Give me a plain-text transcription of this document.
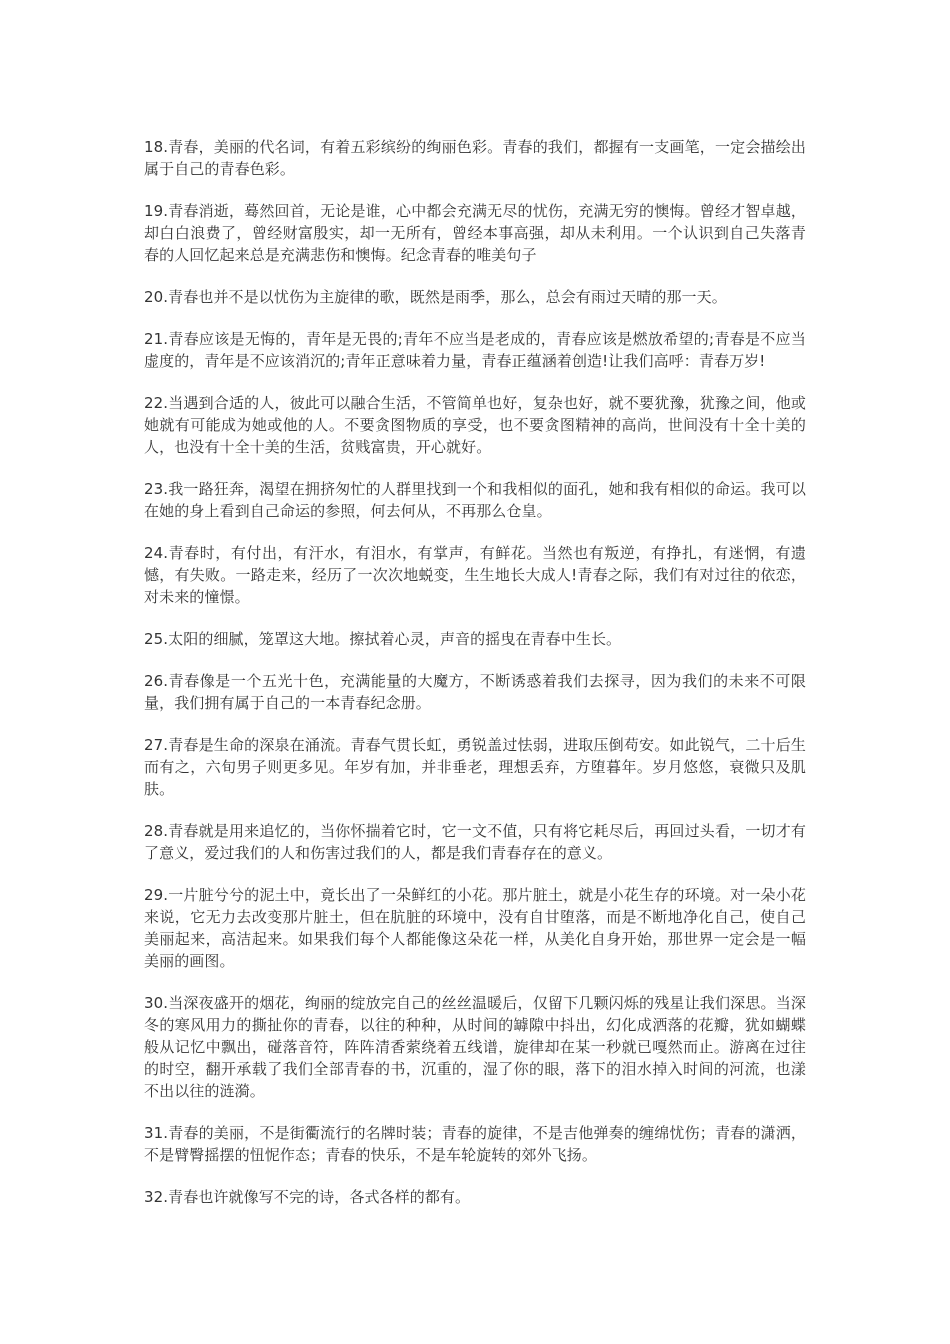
18.青春，美丽的代名词，有着五彩缤纷的绚丽色彩。青春的我们，都握有一支画笔，一定会描绘出属于自己的青春色彩。

19.青春消逝，蓦然回首，无论是谁，心中都会充满无尽的忧伤，充满无穷的懊悔。曾经才智卓越，却白白浪费了，曾经财富殷实，却一无所有，曾经本事高强，却从未利用。一个认识到自己失落青春的人回忆起来总是充满悲伤和懊悔。纪念青春的唯美句子

20.青春也并不是以忧伤为主旋律的歌，既然是雨季，那么，总会有雨过天晴的那一天。

21.青春应该是无悔的，青年是无畏的;青年不应当是老成的，青春应该是燃放希望的;青春是不应当虚度的，青年是不应该消沉的;青年正意味着力量，青春正蕴涵着创造!让我们高呼：青春万岁!

22.当遇到合适的人，彼此可以融合生活，不管简单也好，复杂也好，就不要犹豫，犹豫之间，他或她就有可能成为她或他的人。不要贪图物质的享受，也不要贪图精神的高尚，世间没有十全十美的人，也没有十全十美的生活，贫贱富贵，开心就好。

23.我一路狂奔，渴望在拥挤匆忙的人群里找到一个和我相似的面孔，她和我有相似的命运。我可以在她的身上看到自己命运的参照，何去何从，不再那么仓皇。

24.青春时，有付出，有汗水，有泪水，有掌声，有鲜花。当然也有叛逆，有挣扎，有迷惘，有遗憾，有失败。一路走来，经历了一次次地蜕变，生生地长大成人!青春之际，我们有对过往的依恋，对未来的憧憬。

25.太阳的细腻，笼罩这大地。擦拭着心灵，声音的摇曳在青春中生长。

26.青春像是一个五光十色，充满能量的大魔方，不断诱惑着我们去探寻，因为我们的未来不可限量，我们拥有属于自己的一本青春纪念册。

27.青春是生命的深泉在涌流。青春气贯长虹，勇锐盖过怯弱，进取压倒苟安。如此锐气，二十后生而有之，六旬男子则更多见。年岁有加，并非垂老，理想丢弃，方堕暮年。岁月悠悠，衰微只及肌肤。

28.青春就是用来追忆的，当你怀揣着它时，它一文不值，只有将它耗尽后，再回过头看，一切才有了意义，爱过我们的人和伤害过我们的人，都是我们青春存在的意义。

29.一片脏兮兮的泥土中，竟长出了一朵鲜红的小花。那片脏土，就是小花生存的环境。对一朵小花来说，它无力去改变那片脏土，但在肮脏的环境中，没有自甘堕落，而是不断地净化自己，使自己美丽起来，高洁起来。如果我们每个人都能像这朵花一样，从美化自身开始，那世界一定会是一幅美丽的画图。

30.当深夜盛开的烟花，绚丽的绽放完自己的丝丝温暖后，仅留下几颗闪烁的残星让我们深思。当深冬的寒风用力的撕扯你的青春，以往的种种，从时间的罅隙中抖出，幻化成洒落的花瓣，犹如蝴蝶般从记忆中飘出，碰落音符，阵阵清香萦绕着五线谱，旋律却在某一秒就已嘎然而止。游离在过往的时空，翻开承载了我们全部青春的书，沉重的，湿了你的眼，落下的泪水掉入时间的河流，也漾不出以往的涟漪。

31.青春的美丽，不是街衢流行的名牌时装；青春的旋律，不是吉他弹奏的缠绵忧伤；青春的潇洒，不是臂臀摇摆的忸怩作态；青春的快乐，不是车轮旋转的郊外飞扬。

32.青春也许就像写不完的诗，各式各样的都有。
